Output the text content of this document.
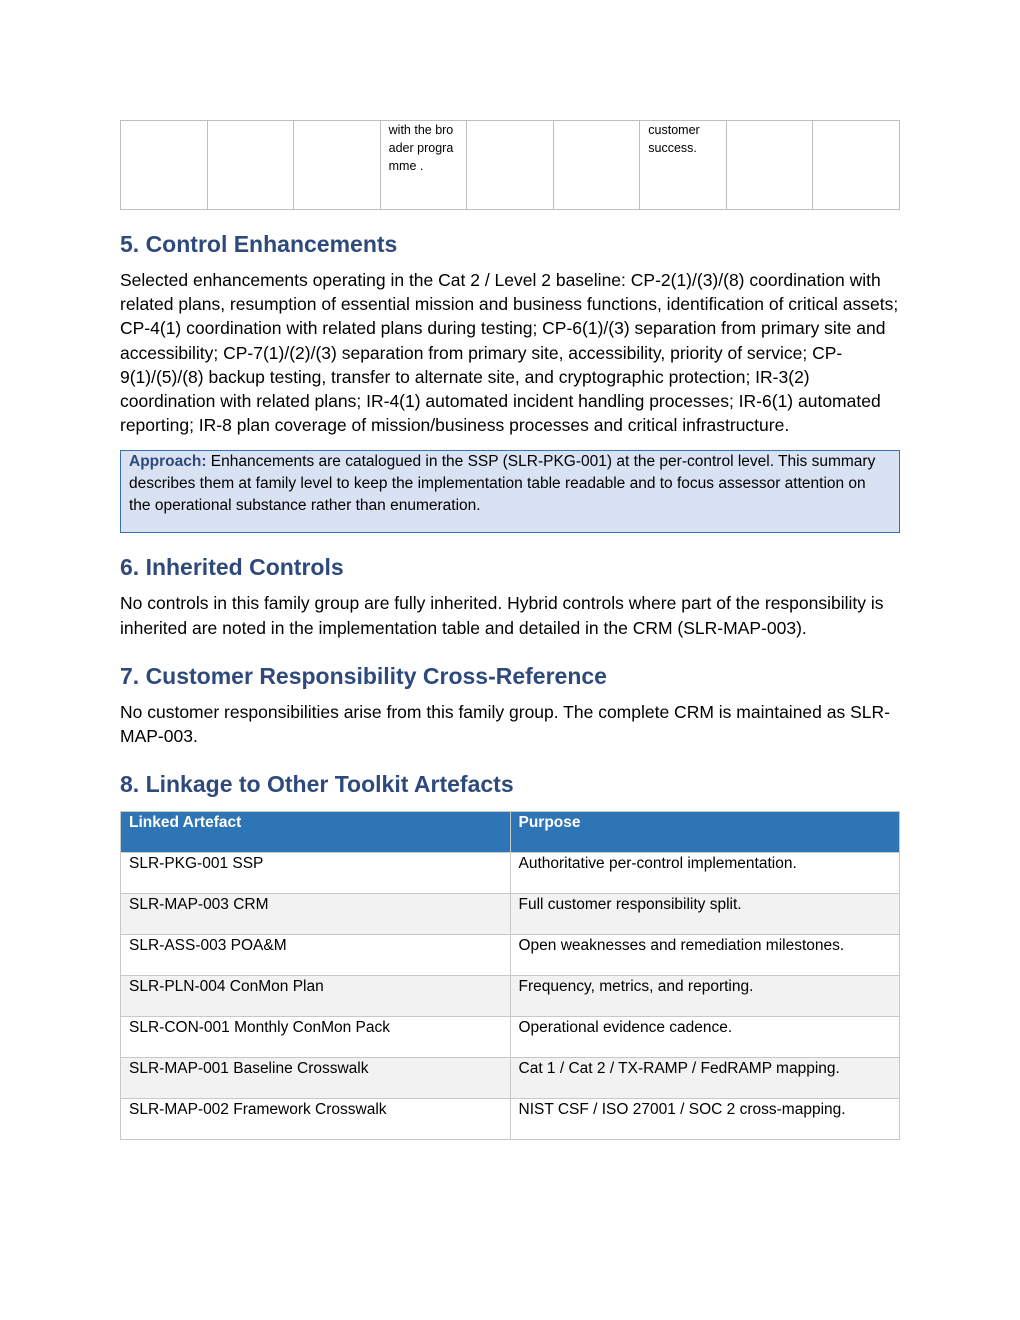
			with the broader programme .			customer success.		
5. Control Enhancements

Selected enhancements operating in the Cat 2 / Level 2 baseline: CP-2(1)/(3)/(8) coordination with related plans, resumption of essential mission and business functions, identification of critical assets; CP-4(1) coordination with related plans during testing; CP-6(1)/(3) separation from primary site and accessibility; CP-7(1)/(2)/(3) separation from primary site, accessibility, priority of service; CP-9(1)/(5)/(8) backup testing, transfer to alternate site, and cryptographic protection; IR-3(2) coordination with related plans; IR-4(1) automated incident handling processes; IR-6(1) automated reporting; IR-8 plan coverage of mission/business processes and critical infrastructure.

Approach: Enhancements are catalogued in the SSP (SLR-PKG-001) at the per-control level. This summary describes them at family level to keep the implementation table readable and to focus assessor attention on the operational substance rather than enumeration.
6. Inherited Controls

No controls in this family group are fully inherited. Hybrid controls where part of the responsibility is inherited are noted in the implementation table and detailed in the CRM (SLR-MAP-003).

7. Customer Responsibility Cross-Reference

No customer responsibilities arise from this family group. The complete CRM is maintained as SLR-MAP-003.

8. Linkage to Other Toolkit Artefacts
Linked Artefact	Purpose
SLR-PKG-001 SSP	Authoritative per-control implementation.
SLR-MAP-003 CRM	Full customer responsibility split.
SLR-ASS-003 POA&M	Open weaknesses and remediation milestones.
SLR-PLN-004 ConMon Plan	Frequency, metrics, and reporting.
SLR-CON-001 Monthly ConMon Pack	Operational evidence cadence.
SLR-MAP-001 Baseline Crosswalk	Cat 1 / Cat 2 / TX-RAMP / FedRAMP mapping.
SLR-MAP-002 Framework Crosswalk	NIST CSF / ISO 27001 / SOC 2 cross-mapping.
